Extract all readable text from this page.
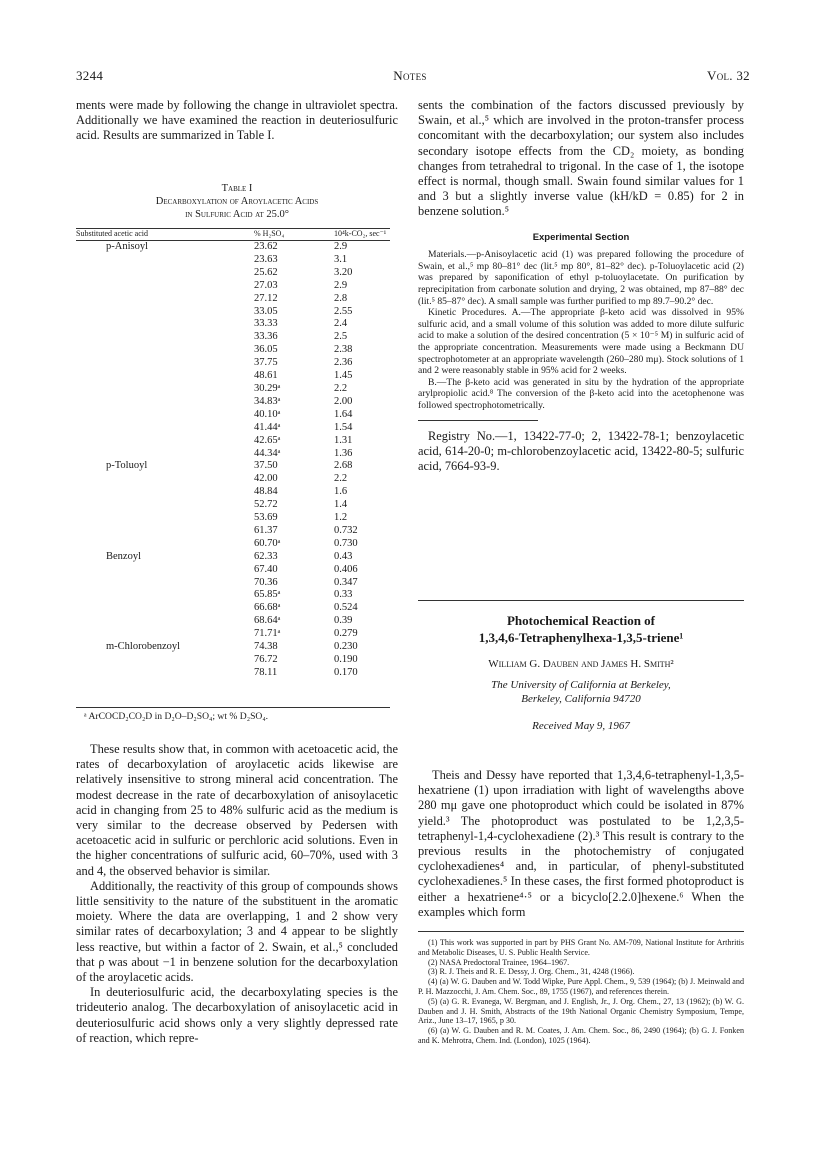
3244	Notes	Vol. 32

ments were made by following the change in ultraviolet spectra. Additionally we have examined the reaction in deuteriosulfuric acid. Results are summarized in Table I.

Table I
Decarboxylation of Aroylacetic Acids
in Sulfuric Acid at 25.0°
Substituted acetic acid	% H₂SO₄	10⁴k-CO₂, sec⁻¹
p-Anisoyl	23.62	2.9
	23.63	3.1
	25.62	3.20
	27.03	2.9
	27.12	2.8
	33.05	2.55
	33.33	2.4
	33.36	2.5
	36.05	2.38
	37.75	2.36
	48.61	1.45
	30.29ᵃ	2.2
	34.83ᵃ	2.00
	40.10ᵃ	1.64
	41.44ᵃ	1.54
	42.65ᵃ	1.31
	44.34ᵃ	1.36
p-Toluoyl	37.50	2.68
	42.00	2.2
	48.84	1.6
	52.72	1.4
	53.69	1.2
	61.37	0.732
	60.70ᵃ	0.730
Benzoyl	62.33	0.43
	67.40	0.406
	70.36	0.347
	65.85ᵃ	0.33
	66.68ᵃ	0.524
	68.64ᵃ	0.39
	71.71ᵃ	0.279
m-Chlorobenzoyl	74.38	0.230
	76.72	0.190
	78.11	0.170
ᵃ ArCOCD₂CO₂D in D₂O–D₂SO₄; wt % D₂SO₄.

These results show that, in common with acetoacetic acid, the rates of decarboxylation of aroylacetic acids likewise are relatively insensitive to strong mineral acid concentration. The modest decrease in the rate of decarboxylation of anisoylacetic acid in changing from 25 to 48% sulfuric acid as the medium is very similar to the decrease observed by Pedersen with acetoacetic acid in sulfuric or perchloric acid solutions. Even in the higher concentrations of sulfuric acid, 60–70%, used with 3 and 4, the observed behavior is similar.

Additionally, the reactivity of this group of compounds shows little sensitivity to the nature of the substituent in the aromatic moiety. Where the data are overlapping, 1 and 2 show very similar rates of decarboxylation; 3 and 4 appear to be slightly less reactive, but within a factor of 2. Swain, et al.,⁵ concluded that ρ was about −1 in benzene solution for the decarboxylation of the aroylacetic acids.

In deuteriosulfuric acid, the decarboxylating species is the trideuterio analog. The decarboxylation of anisoylacetic acid in deuteriosulfuric acid shows only a very slightly depressed rate of reaction, which repre-

sents the combination of the factors discussed previously by Swain, et al.,⁵ which are involved in the proton-transfer process concomitant with the decarboxylation; our system also includes secondary isotope effects from the CD₂ moiety, as bonding changes from tetrahedral to trigonal. In the case of 1, the isotope effect is normal, though small. Swain found similar values for 1 and 3 but a slightly inverse value (kH/kD = 0.85) for 2 in benzene solution.⁵

Experimental Section

Materials.—p-Anisoylacetic acid (1) was prepared following the procedure of Swain, et al.,⁵ mp 80–81° dec (lit.⁵ mp 80°, 81–82° dec). p-Toluoylacetic acid (2) was prepared by saponification of ethyl p-toluoylacetate. On purification by reprecipitation from carbonate solution and drying, 2 was obtained, mp 87–88° dec (lit.⁵ 85–87° dec). A small sample was further purified to mp 89.7–90.2° dec.

Kinetic Procedures. A.—The appropriate β-keto acid was dissolved in 95% sulfuric acid, and a small volume of this solution was added to more dilute sulfuric acid to make a solution of the desired concentration (5 × 10⁻⁵ M) in sulfuric acid of the appropriate concentration. Measurements were made using a Beckmann DU spectrophotometer at an appropriate wavelength (260–280 mμ). Stock solutions of 1 and 2 were reasonably stable in 95% acid for 2 weeks.

B.—The β-keto acid was generated in situ by the hydration of the appropriate arylpropiolic acid.⁸ The conversion of the β-keto acid into the acetophenone was followed spectrophotometrically.

Registry No.—1, 13422-77-0; 2, 13422-78-1; benzoylacetic acid, 614-20-0; m-chlorobenzoylacetic acid, 13422-80-5; sulfuric acid, 7664-93-9.

Photochemical Reaction of
1,3,4,6-Tetraphenylhexa-1,3,5-triene¹
William G. Dauben and James H. Smith²
The University of California at Berkeley,
Berkeley, California 94720
Received May 9, 1967

Theis and Dessy have reported that 1,3,4,6-tetraphenyl-1,3,5-hexatriene (1) upon irradiation with light of wavelengths above 280 mμ gave one photoproduct which could be isolated in 87% yield.³ The photoproduct was postulated to be 1,2,3,5-tetraphenyl-1,4-cyclohexadiene (2).³ This result is contrary to the previous results in the photochemistry of conjugated cyclohexadienes⁴ and, in particular, of phenyl-substituted cyclohexadienes.⁵ In these cases, the first formed photoproduct is either a hexatriene⁴·⁵ or a bicyclo[2.2.0]hexene.⁶ When the examples which form

(1) This work was supported in part by PHS Grant No. AM-709, National Institute for Arthritis and Metabolic Diseases, U. S. Public Health Service.

(2) NASA Predoctoral Trainee, 1964–1967.

(3) R. J. Theis and R. E. Dessy, J. Org. Chem., 31, 4248 (1966).

(4) (a) W. G. Dauben and W. Todd Wipke, Pure Appl. Chem., 9, 539 (1964); (b) J. Meinwald and P. H. Mazzocchi, J. Am. Chem. Soc., 89, 1755 (1967), and references therein.

(5) (a) G. R. Evanega, W. Bergman, and J. English, Jr., J. Org. Chem., 27, 13 (1962); (b) W. G. Dauben and J. H. Smith, Abstracts of the 19th National Organic Chemistry Symposium, Tempe, Ariz., June 13–17, 1965, p 30.

(6) (a) W. G. Dauben and R. M. Coates, J. Am. Chem. Soc., 86, 2490 (1964); (b) G. J. Fonken and K. Mehrotra, Chem. Ind. (London), 1025 (1964).
